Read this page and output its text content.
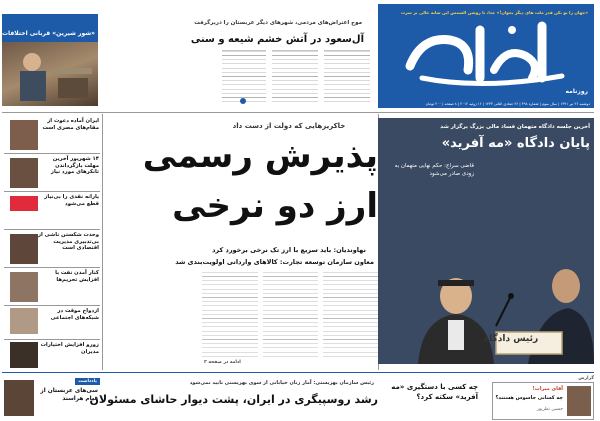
«جهان را تو نکن قدر ملت های دیگر بخوان!» خدا، تا روشن الشمس این شانه خالی بر سرت
پایگاه‌سیاسی
روزنامه
دوشنبه ۲۶ تیر ۱۳۹۱ | سال سوم | شماره ۴۹۸ | ۲۶ جمادی الثانی ۱۴۳۳ | ۱۶ ژوئیه ۲۰۱۲ | ۸ صفحه | ۲۰۰ تومان
موج اعتراض‌های مردمی، شهرهای دیگر عربستان را دربرگرفت
آل‌سعود در آتش خشم شیعه و سنی
«شور شیرین» قربانی اختلافات
خاکریزهایی که دولت از دست داد
پذیرش رسمی
ارز دو نرخی
نهاوندیان: باید سریع با ارز تک نرخی برخورد کرد
معاون سازمان توسعه تجارت: کالاهای وارداتی اولویت‌بندی شد
ادامه در صفحه ۲
آخرین جلسه دادگاه متهمان فساد مالی بزرگ برگزار شد
پایان دادگاه «مه آفرید»
قاضی سراج: حکم نهایی متهمان به زودی صادر می‌شود
رئیس دادگاه
ایران آماده دعوت از مقام‌های مصری است
۱۴ شهریور آخرین مهلت بازگرداندن تانکرهای مورد نیاز
یارانه نقدی را بی‌نیاز قطع می‌شود
وحدت شکستن ناشی از بی‌تدبیری مدیریت اقتصادی است
کنار آمدن نفت با افزایش تحریم‌ها
ازدواج موقت در شبکه‌های اجتماعی
زورو افزایش اختیارات مدیران
یادداشت
سی‌های عربستان از قیام هراسند
رئیس سازمان بهزیستی: آمار زنان خیابانی از سوی بهزیستی تایید نمی‌شود
رشد روسپیگری در ایران، پشت دیوار حاشای مسئولان
گزارش
چه کسی با دستگیری «مه آفرید» سکته کرد؟
آقای میراث!
چه کسانی جاسوس هستند؟
حسین نظرپور
